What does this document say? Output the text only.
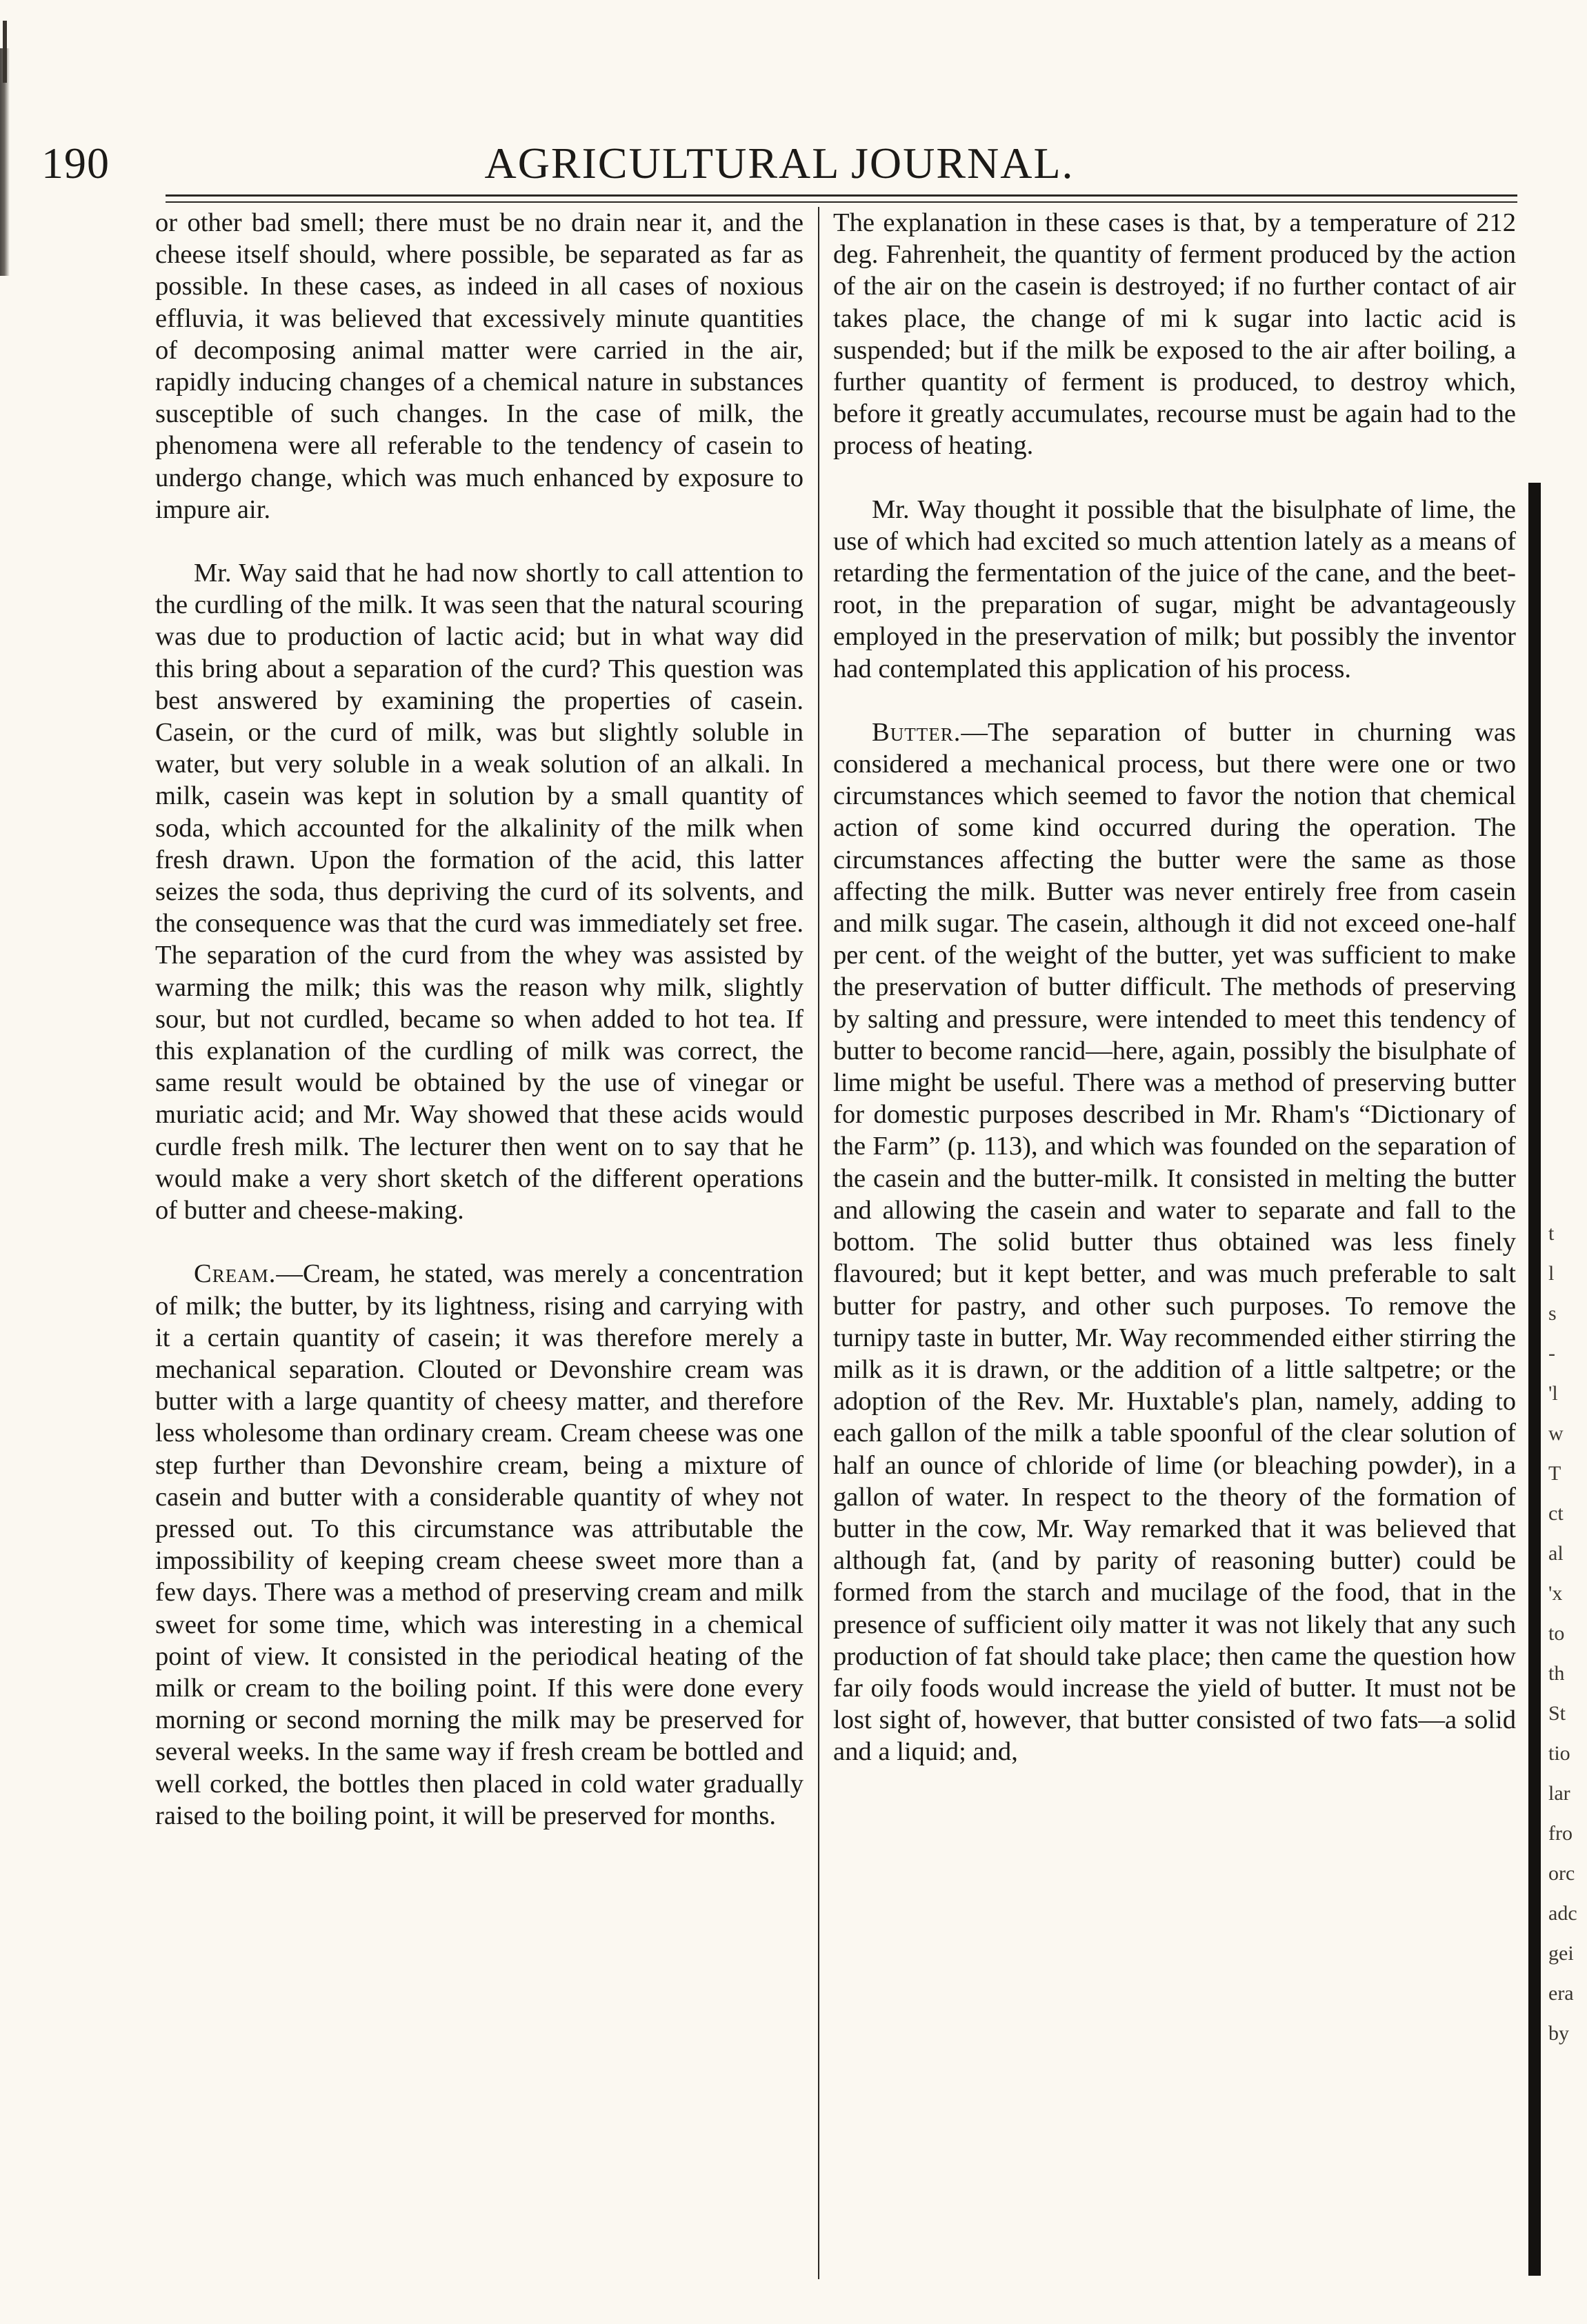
190	AGRICULTURAL JOURNAL.

or other bad smell; there must be no drain near it, and the cheese itself should, where possible, be separated as far as possible. In these cases, as indeed in all cases of noxious effluvia, it was believed that excessively minute quantities of decomposing animal matter were carried in the air, rapidly inducing changes of a chemical nature in substances susceptible of such changes. In the case of milk, the phenomena were all referable to the tendency of casein to undergo change, which was much enhanced by exposure to impure air.

Mr. Way said that he had now shortly to call attention to the curdling of the milk. It was seen that the natural scouring was due to production of lactic acid; but in what way did this bring about a separation of the curd? This question was best answered by examining the properties of casein. Casein, or the curd of milk, was but slightly soluble in water, but very soluble in a weak solution of an alkali. In milk, casein was kept in solution by a small quantity of soda, which accounted for the alkalinity of the milk when fresh drawn. Upon the formation of the acid, this latter seizes the soda, thus depriving the curd of its solvents, and the consequence was that the curd was immediately set free. The separation of the curd from the whey was assisted by warming the milk; this was the reason why milk, slightly sour, but not curdled, became so when added to hot tea. If this explanation of the curdling of milk was correct, the same result would be obtained by the use of vinegar or muriatic acid; and Mr. Way showed that these acids would curdle fresh milk. The lecturer then went on to say that he would make a very short sketch of the different operations of butter and cheese-making.

Cream.—Cream, he stated, was merely a concentration of milk; the butter, by its lightness, rising and carrying with it a certain quantity of casein; it was therefore merely a mechanical separation. Clouted or Devonshire cream was butter with a large quantity of cheesy matter, and therefore less wholesome than ordinary cream. Cream cheese was one step further than Devonshire cream, being a mixture of casein and butter with a considerable quantity of whey not pressed out. To this circumstance was attributable the impossibility of keeping cream cheese sweet more than a few days. There was a method of preserving cream and milk sweet for some time, which was interesting in a chemical point of view. It consisted in the periodical heating of the milk or cream to the boiling point. If this were done every morning or second morning the milk may be preserved for several weeks. In the same way if fresh cream be bottled and well corked, the bottles then placed in cold water gradually raised to the boiling point, it will be preserved for months.

The explanation in these cases is that, by a temperature of 212 deg. Fahrenheit, the quantity of ferment produced by the action of the air on the casein is destroyed; if no further contact of air takes place, the change of mi k sugar into lactic acid is suspended; but if the milk be exposed to the air after boiling, a further quantity of ferment is produced, to destroy which, before it greatly accumulates, recourse must be again had to the process of heating.

Mr. Way thought it possible that the bisulphate of lime, the use of which had excited so much attention lately as a means of retarding the fermentation of the juice of the cane, and the beet-root, in the preparation of sugar, might be advantageously employed in the preservation of milk; but possibly the inventor had contemplated this application of his process.

Butter.—The separation of butter in churning was considered a mechanical process, but there were one or two circumstances which seemed to favor the notion that chemical action of some kind occurred during the operation. The circumstances affecting the butter were the same as those affecting the milk. Butter was never entirely free from casein and milk sugar. The casein, although it did not exceed one-half per cent. of the weight of the butter, yet was sufficient to make the preservation of butter difficult. The methods of preserving by salting and pressure, were intended to meet this tendency of butter to become rancid—here, again, possibly the bisulphate of lime might be useful. There was a method of preserving butter for domestic purposes described in Mr. Rham's “Dictionary of the Farm” (p. 113), and which was founded on the separation of the casein and the butter-milk. It consisted in melting the butter and allowing the casein and water to separate and fall to the bottom. The solid butter thus obtained was less finely flavoured; but it kept better, and was much preferable to salt butter for pastry, and other such purposes. To remove the turnipy taste in butter, Mr. Way recommended either stirring the milk as it is drawn, or the addition of a little saltpetre; or the adoption of the Rev. Mr. Huxtable's plan, namely, adding to each gallon of the milk a table spoonful of the clear solution of half an ounce of chloride of lime (or bleaching powder), in a gallon of water. In respect to the theory of the formation of butter in the cow, Mr. Way remarked that it was believed that although fat, (and by parity of reasoning butter) could be formed from the starch and mucilage of the food, that in the presence of sufficient oily matter it was not likely that any such production of fat should take place; then came the question how far oily foods would increase the yield of butter. It must not be lost sight of, however, that butter consisted of two fats—a solid and a liquid; and,

t
l
s
-
'l
w
T
ct
al
'x
to
th
St
tio
lar
fro
orc
adc
gei
era
by
